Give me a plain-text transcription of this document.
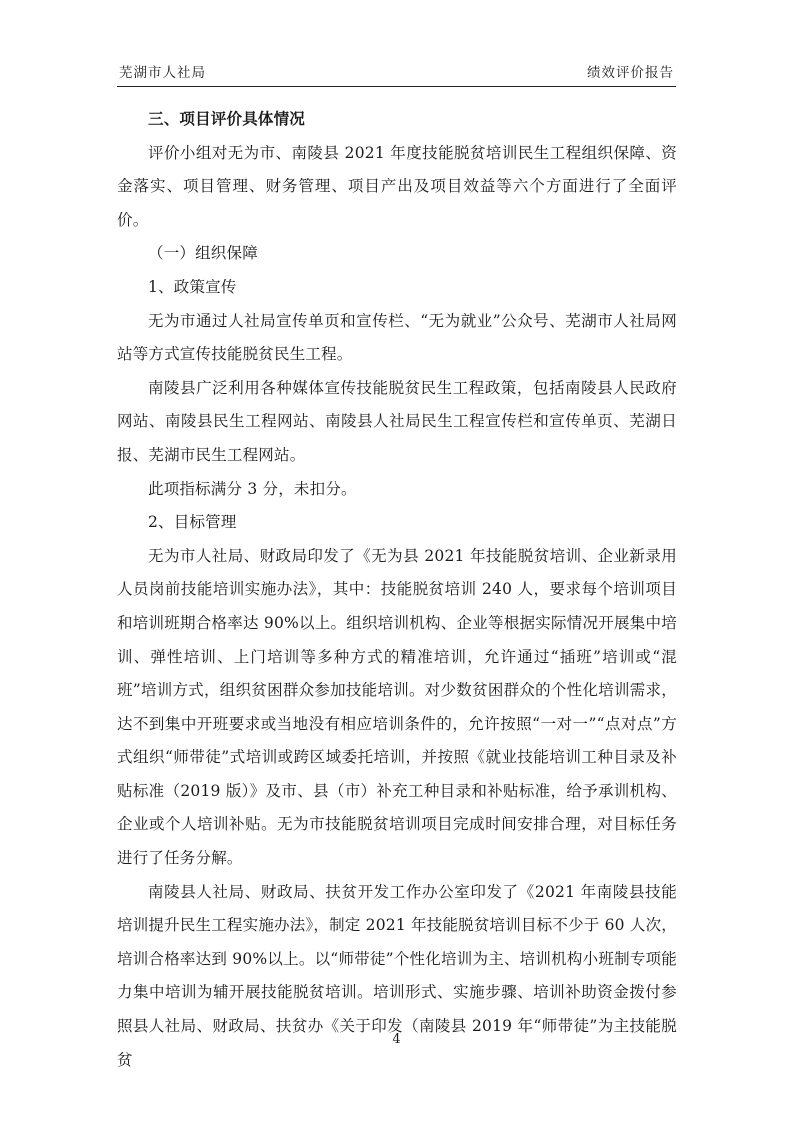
芜湖市人社局	绩效评价报告

三、项目评价具体情况

评价小组对无为市、南陵县 2021 年度技能脱贫培训民生工程组织保障、资金落实、项目管理、财务管理、项目产出及项目效益等六个方面进行了全面评价。

（一）组织保障

1、政策宣传

无为市通过人社局宣传单页和宣传栏、“无为就业”公众号、芜湖市人社局网站等方式宣传技能脱贫民生工程。

南陵县广泛利用各种媒体宣传技能脱贫民生工程政策，包括南陵县人民政府网站、南陵县民生工程网站、南陵县人社局民生工程宣传栏和宣传单页、芜湖日报、芜湖市民生工程网站。

此项指标满分 3 分，未扣分。

2、目标管理

无为市人社局、财政局印发了《无为县 2021 年技能脱贫培训、企业新录用人员岗前技能培训实施办法》，其中：技能脱贫培训 240 人，要求每个培训项目和培训班期合格率达 90%以上。组织培训机构、企业等根据实际情况开展集中培训、弹性培训、上门培训等多种方式的精准培训，允许通过“插班”培训或“混班”培训方式，组织贫困群众参加技能培训。对少数贫困群众的个性化培训需求，达不到集中开班要求或当地没有相应培训条件的，允许按照“一对一”“点对点”方式组织“师带徒”式培训或跨区域委托培训，并按照《就业技能培训工种目录及补贴标准（2019 版）》及市、县（市）补充工种目录和补贴标准，给予承训机构、企业或个人培训补贴。无为市技能脱贫培训项目完成时间安排合理，对目标任务进行了任务分解。

南陵县人社局、财政局、扶贫开发工作办公室印发了《2021 年南陵县技能培训提升民生工程实施办法》，制定 2021 年技能脱贫培训目标不少于 60 人次，培训合格率达到 90%以上。以“师带徒”个性化培训为主、培训机构小班制专项能力集中培训为辅开展技能脱贫培训。培训形式、实施步骤、培训补助资金拨付参照县人社局、财政局、扶贫办《关于印发（南陵县 2019 年“师带徒”为主技能脱贫

4
